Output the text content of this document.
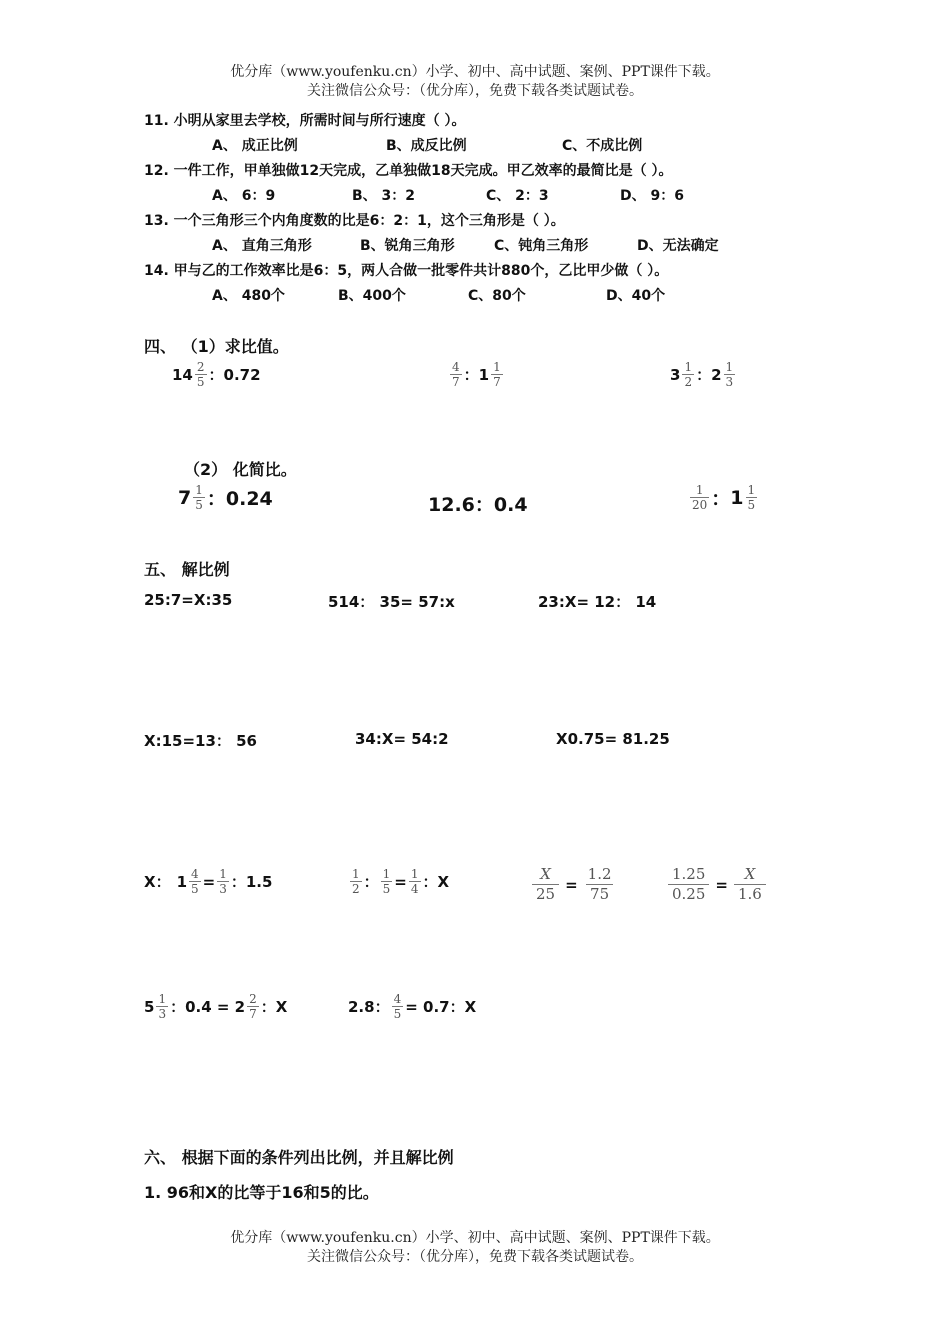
优分库（www.youfenku.cn）小学、初中、高中试题、案例、PPT课件下载。
关注微信公众号：（优分库），免费下载各类试题试卷。
11. 小明从家里去学校，所需时间与所行速度（ ）。
A、 成正比例	B、成反比例	C、不成比例
12. 一件工作，甲单独做12天完成，乙单独做18天完成。甲乙效率的最简比是（ ）。
A、 6：9	B、 3：2	C、 2：3	D、 9：6
13. 一个三角形三个内角度数的比是6：2：1，这个三角形是（ ）。
A、 直角三角形	B、锐角三角形	C、钝角三角形	D、无法确定
14. 甲与乙的工作效率比是6：5，两人合做一批零件共计880个，乙比甲少做（ ）。
A、 480个	B、400个	C、80个	D、40个
四、 （1）求比值。
$14 \frac{2}{5}$ ：0.72	$\frac{4}{7}$ ： $1 \frac{1}{7}$	$3 \frac{1}{2}$ ： $2 \frac{1}{3}$
（2） 化简比。
$7 \frac{1}{5}$ ：0.24	12.6：0.4	$\frac{1}{20}$ ： $1 \frac{1}{5}$
五、 解比例
25:7=X:35	514： 35= 57:x	23:X= 12： 14
X:15=13： 56	34:X= 54:2	X0.75= 81.25
X： $1 \frac{4}{5} = \frac{1}{3}$ ：1.5	$\frac{1}{2}$ ： $\frac{1}{5} = \frac{1}{4}$ ：X	$\frac{X}{25} = \frac{1.2}{75}$	$\frac{1.25}{0.25} = \frac{X}{1.6}$
$5 \frac{1}{3}$ ：$0.4 = 2 \frac{2}{7}$ ：X	2.8： $\frac{4}{5} = 0.7$：X
六、 根据下面的条件列出比例，并且解比例
1. 96和X的比等于16和5的比。
优分库（www.youfenku.cn）小学、初中、高中试题、案例、PPT课件下载。
关注微信公众号：（优分库），免费下载各类试题试卷。
